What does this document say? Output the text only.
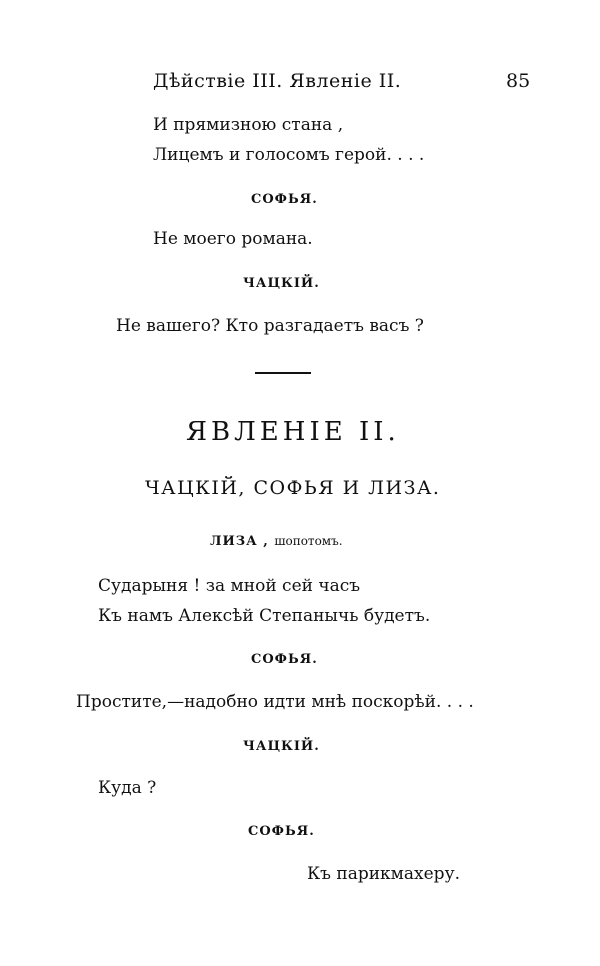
Дѣйствіе III. Явленіе II.	85
И прямизною стана ,
Лицемъ и голосомъ герой. . . .
СОФЬЯ.
Не моего романа.
ЧАЦКІЙ.
Не вашего? Кто разгадаетъ васъ ?
ЯВЛЕНІЕ II.
ЧАЦКІЙ, СОФЬЯ И ЛИЗА.
ЛИЗА , шопотомъ.
Сударыня ! за мной сей часъ
Къ намъ Алексѣй Степанычь будетъ.
СОФЬЯ.
Простите,—надобно идти мнѣ поскорѣй. . . .
ЧАЦКІЙ.
Куда ?
СОФЬЯ.
Къ парикмахеру.
